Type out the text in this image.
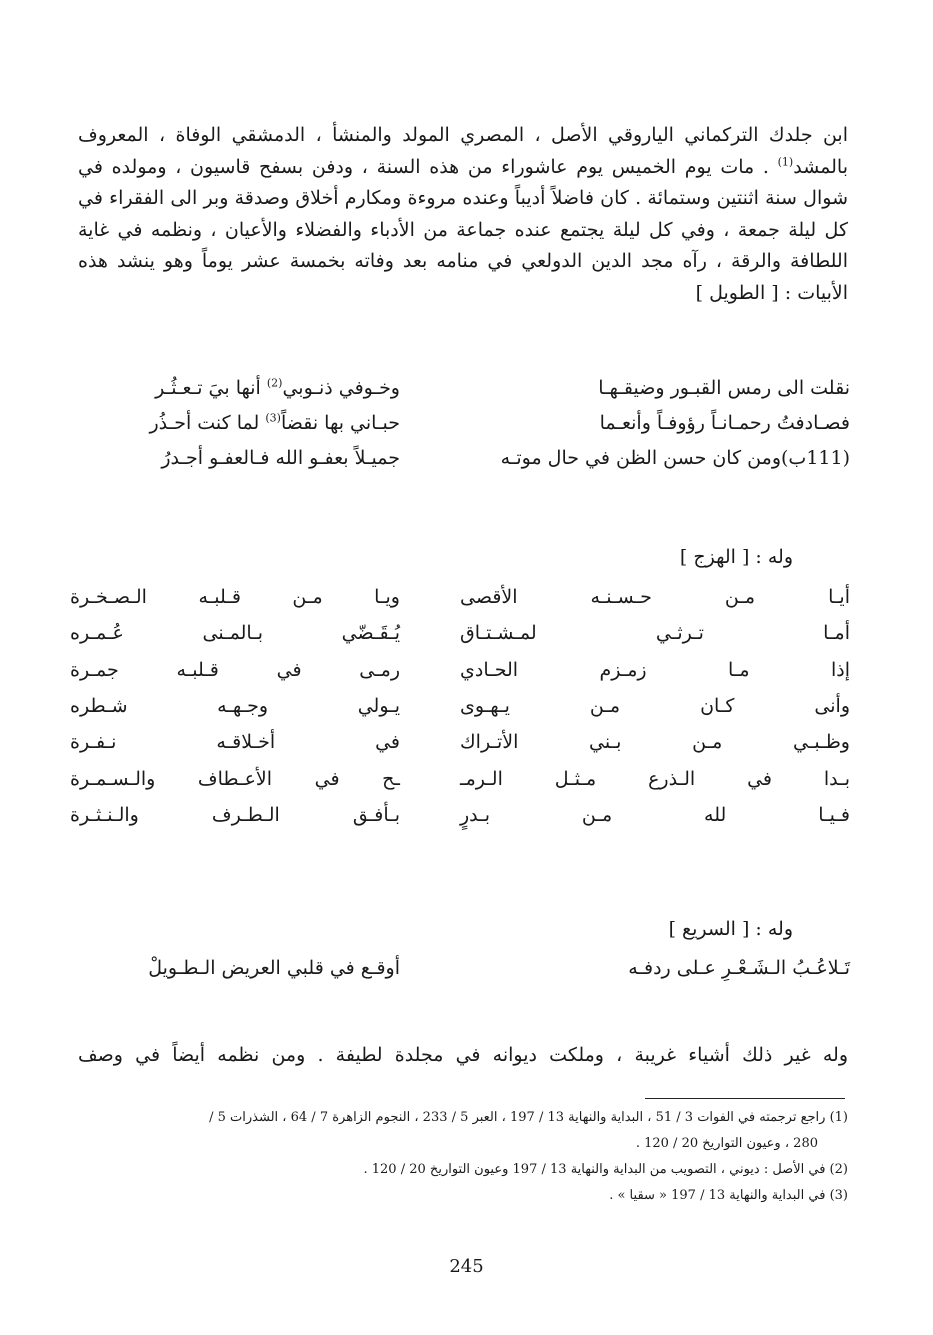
ابن جلدك التركماني الياروقي الأصل ، المصري المولد والمنشأ ، الدمشقي الوفاة ، المعروف بالمشد$^{(1)}$ . مات يوم الخميس يوم عاشوراء من هذه السنة ، ودفن بسفح قاسيون ، ومولده في شوال سنة اثنتين وستمائة . كان فاضلاً أديباً وعنده مروءة ومكارم أخلاق وصدقة وبر الى الفقراء في كل ليلة جمعة ، وفي كل ليلة يجتمع عنده جماعة من الأدباء والفضلاء والأعيان ، ونظمه في غاية اللطافة والرقة ، رآه مجد الدين الدولعي في منامه بعد وفاته بخمسة عشر يوماً وهو ينشد هذه الأبيات : [ الطويل ]

نقلت الى رمس القبـور وضيقـهـا
وخـوفي ذنـوبي$^{(2)}$ أنها بيَ تـعـثُـر
فصـادفتُ رحمـانـاً رؤوفـاً وأنعـما
حبـاني بها نقضاً$^{(3)}$ لما كنت أحـذُر
(111ب)ومن كان حسن الظن في حال موتـه
جميـلاً بعفـو الله فـالعفـو أجـدرُ
وله : [ الهزج ]
أيـا مـن حـسـنـه الأقصى
ويـا مـن قـلبـه الـصـخـرة
أمـا تـرثـي لمـشـتـاق
يُـقَـضّي بـالمـنى عُـمـره
إذا مـا زمـزم الحـادي
رمـى في قـلبـه جمـرة
وأنى كـان مـن يـهـوى
يـولي وجـهـه شـطره
وظـبـي مـن بـني الأتـراك
في أخـلاقـه نـفـرة
بـدا في الـذرع مـثـل الـرمـ
ـح في الأعـطاف والـسـمـرة
فـيـا لله مـن بـدرٍ
بـأفـق الـطـرف والـنـثـرة
وله : [ السريع ]
تَـلاعُـبُ الـشَـعْـرِ عـلى ردفـه
أوقـع في قلبي العريض الـطـويلْ
وله غير ذلك أشياء غريبة ، وملكت ديوانه في مجلدة لطيفة . ومن نظمه أيضاً في وصف

(1) راجع ترجمته في الفوات 3 / 51 ، البداية والنهاية 13 / 197 ، العبر 5 / 233 ، النجوم الزاهرة 7 / 64 ، الشذرات 5 /

280 ، وعيون التواريخ 20 / 120 .

(2) في الأصل : ديوني ، التصويب من البداية والنهاية 13 / 197 وعيون التواريخ 20 / 120 .

(3) في البداية والنهاية 13 / 197 « سقيا » .

245
